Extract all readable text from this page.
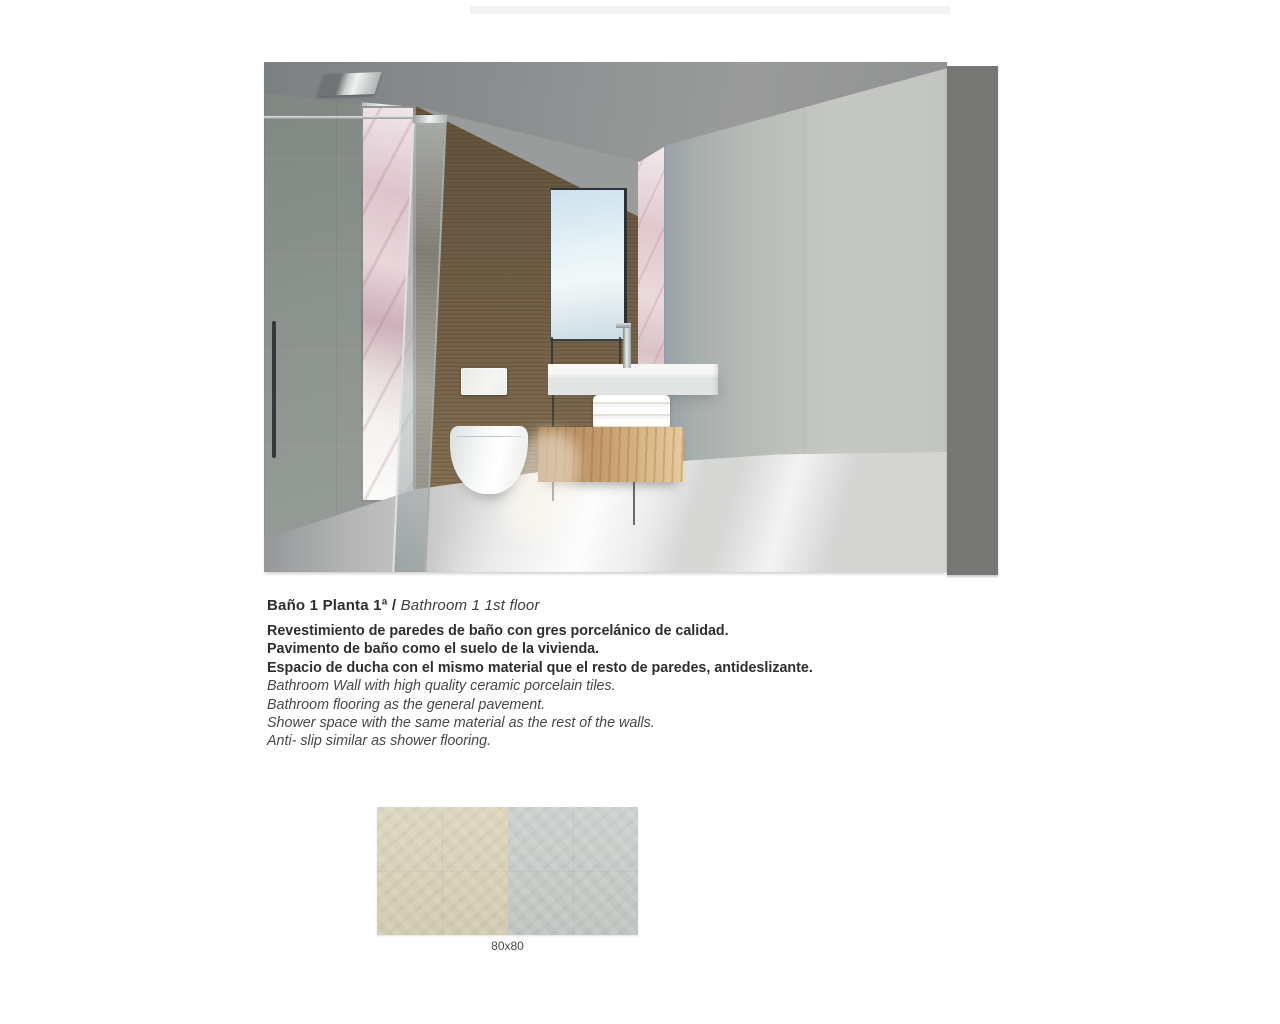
Baño 1 Planta 1ª / Bathroom 1 1st floor
Revestimiento de paredes de baño con gres porcelánico de calidad.
Pavimento de baño como el suelo de la vivienda.
Espacio de ducha con el mismo material que el resto de paredes, antideslizante.
Bathroom Wall with high quality ceramic porcelain tiles.
Bathroom flooring as the general pavement.
Shower space with the same material as the rest of the walls.
Anti- slip similar as shower flooring.
80x80
